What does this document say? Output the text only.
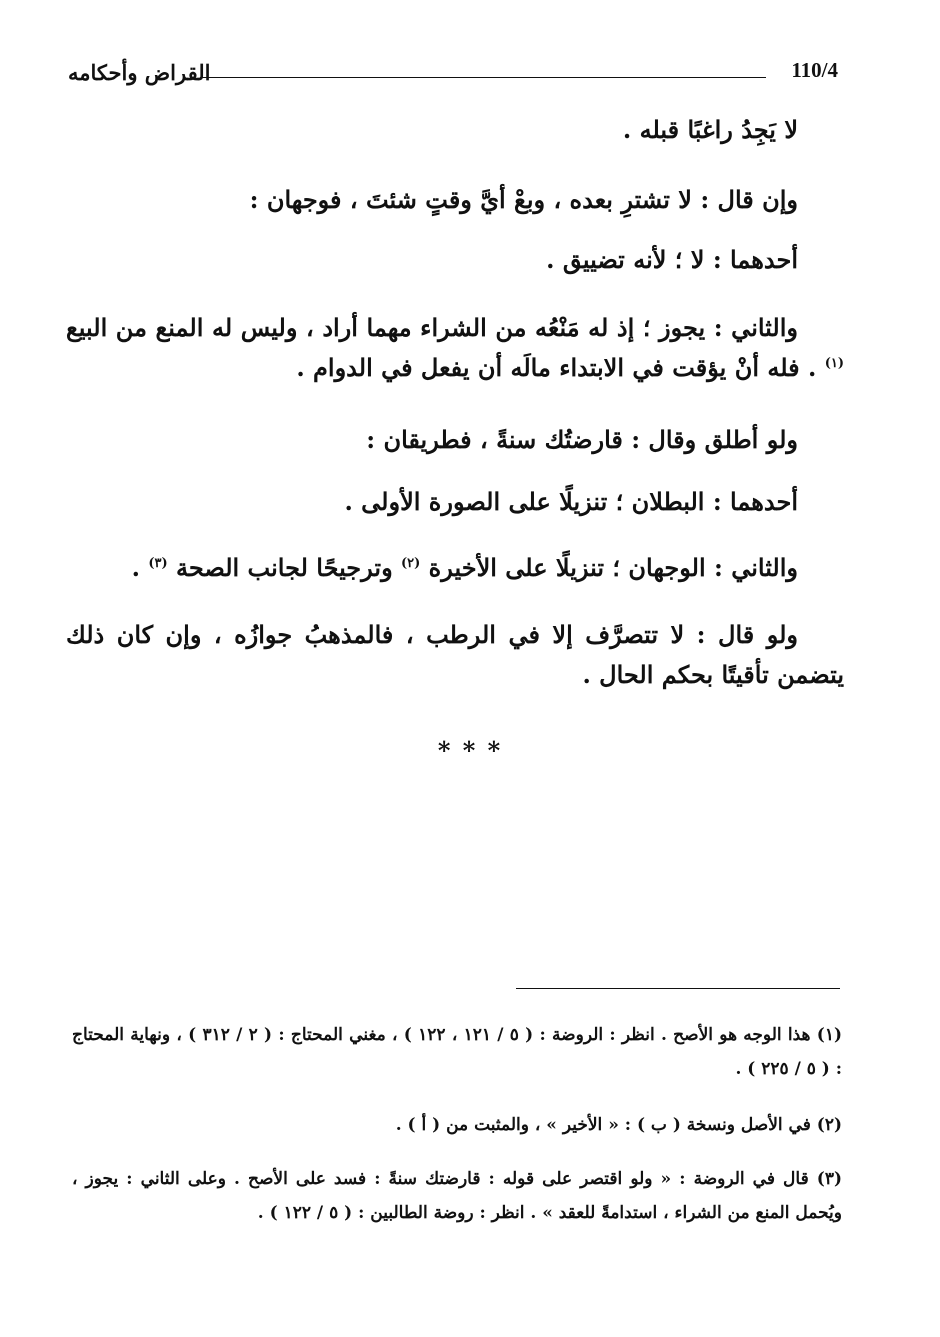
القراض وأحكامه	110/4

لا يَجِدُ راغبًا قبله .

وإن قال : لا تشترِ بعده ، وبعْ أيَّ وقتٍ شئتَ ، فوجهان :

أحدهما : لا ؛ لأنه تضييق .

والثاني : يجوز ؛ إذ له مَنْعُه من الشراء مهما أراد ، وليس له المنع من البيع $^{(١)}$ . فله أنْ يؤقت في الابتداء مالَه أن يفعل في الدوام .

ولو أطلق وقال : قارضتُك سنةً ، فطريقان :

أحدهما : البطلان ؛ تنزيلًا على الصورة الأولى .

والثاني : الوجهان ؛ تنزيلًا على الأخيرة $^{(٢)}$ وترجيحًا لجانب الصحة $^{(٣)}$ .

ولو قال : لا تتصرَّف إلا في الرطب ، فالمذهبُ جوازُه ، وإن كان ذلك يتضمن تأقيتًا بحكم الحال .

* * *
(١) هذا الوجه هو الأصح . انظر : الروضة : ( ٥ / ١٢١ ، ١٢٢ ) ، مغني المحتاج : ( ٢ / ٣١٢ ) ، ونهاية المحتاج : ( ٥ / ٢٢٥ ) .
(٢) في الأصل ونسخة ( ب ) : « الأخير » ، والمثبت من ( أ ) .
(٣) قال في الروضة : « ولو اقتصر على قوله : قارضتك سنةً : فسد على الأصح . وعلى الثاني : يجوز ، ويُحمل المنع من الشراء ، استدامةً للعقد » . انظر : روضة الطالبين : ( ٥ / ١٢٢ ) .
